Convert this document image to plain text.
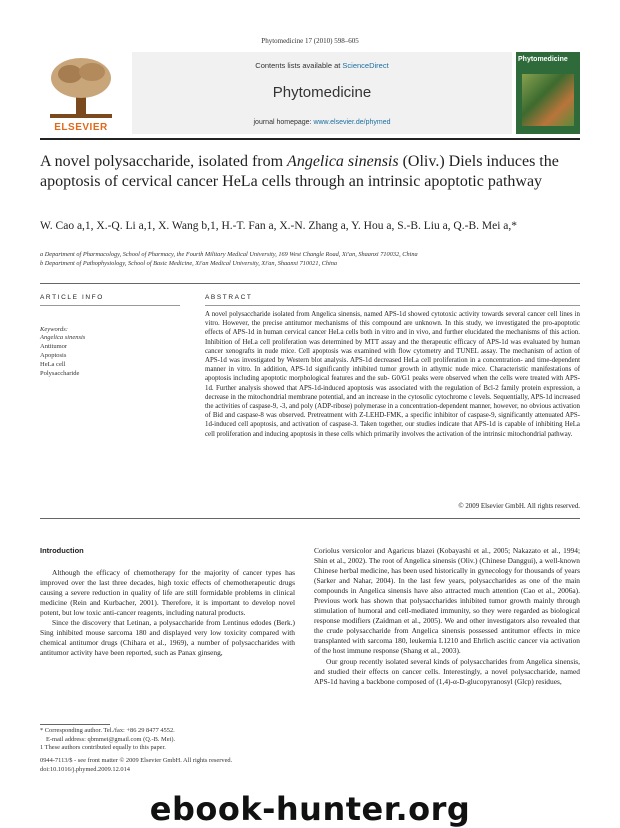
Phytomedicine 17 (2010) 598–605
ELSEVIER
Contents lists available at ScienceDirect
Phytomedicine
journal homepage: www.elsevier.de/phymed
Phytomedicine
A novel polysaccharide, isolated from Angelica sinensis (Oliv.) Diels induces the apoptosis of cervical cancer HeLa cells through an intrinsic apoptotic pathway
W. Cao a,1, X.-Q. Li a,1, X. Wang b,1, H.-T. Fan a, X.-N. Zhang a, Y. Hou a, S.-B. Liu a, Q.-B. Mei a,*
a Department of Pharmacology, School of Pharmacy, the Fourth Military Medical University, 169 West Changle Road, Xi'an, Shaanxi 710032, China
b Department of Pathophysiology, School of Basic Medicine, Xi'an Medical University, Xi'an, Shaanxi 710021, China
ARTICLE INFO
Keywords:
Angelica sinensis
Antitumor
Apoptosis
HeLa cell
Polysaccharide
ABSTRACT
A novel polysaccharide isolated from Angelica sinensis, named APS-1d showed cytotoxic activity towards several cancer cell lines in vitro. However, the precise antitumor mechanisms of this compound are unknown. In this study, we investigated the pro-apoptotic effects of APS-1d in human cervical cancer HeLa cells both in vitro and in vivo, and further elucidated the mechanisms of this action. Inhibition of HeLa cell proliferation was determined by MTT assay and the therapeutic efficacy of APS-1d was evaluated by human cancer xenografts in nude mice. Cell apoptosis was examined with flow cytometry and TUNEL assay. The mechanism of action of APS-1d was investigated by Western blot analysis. APS-1d decreased HeLa cell proliferation in a concentration- and time-dependent manner in vitro. In addition, APS-1d significantly inhibited tumor growth in athymic nude mice. Characteristic manifestations of apoptosis including apoptotic morphological features and the sub- G0/G1 peaks were observed when the cells were treated with APS-1d. Further analysis showed that APS-1d-induced apoptosis was associated with the regulation of Bcl-2 family protein expression, a decrease in the mitochondrial membrane potential, and an increase in the cytosolic cytochrome c levels. Sequentially, APS-1d increased the activities of caspase-9, -3, and poly (ADP-ribose) polymerase in a concentration-dependent manner, however, no obvious activation of Bid and caspase-8 was observed. Pretreatment with Z-LEHD-FMK, a specific inhibitor of caspase-9, significantly attenuated APS-1d-induced cell apoptosis, and activation of caspase-3. Taken together, our studies indicate that APS-1d is capable of inhibiting HeLa cell proliferation and inducing apoptosis in these cells which primarily involves the activation of the intrinsic mitochondrial pathway.
© 2009 Elsevier GmbH. All rights reserved.
Introduction

Although the efficacy of chemotherapy for the majority of cancer types has improved over the last three decades, high toxic effects of chemotherapeutic drugs causing a severe reduction in quality of life are still formidable problems in clinical medicine (Rein and Kurbacher, 2001). Therefore, it is important to develop novel potent, but low toxic anti-cancer reagents, including natural products.

Since the discovery that Letinan, a polysaccharide from Lentinus edodes (Berk.) Sing inhibited mouse sarcoma 180 and displayed very low toxicity compared with chemical antitumor drugs (Chihara et al., 1969), a number of polysaccharides with antitumor activity have been reported, such as Panax ginseng,

Coriolus versicolor and Agaricus blazei (Kobayashi et al., 2005; Nakazato et al., 1994; Shin et al., 2002). The root of Angelica sinensis (Oliv.) (Chinese Danggui), a well-known Chinese herbal medicine, has been used historically in gynecology for thousands of years (Sarker and Nahar, 2004). In the last few years, polysaccharides as one of the main compounds in Angelica sinensis have also attracted much attention (Cao et al., 2006a). Previous work has shown that polysaccharides inhibited tumor growth mainly through stimulation of humoral and cell-mediated immunity, so they were regarded as biological response modifiers (Zaidman et al., 2005). We and other investigators also revealed that the crude polysaccharide from Angelica sinensis possessed antitumor effects in mice transplanted with sarcoma 180, leukemia L1210 and Ehrlich ascitic cancer via activation of the host immune response (Shang et al., 2003).

Our group recently isolated several kinds of polysaccharides from Angelica sinensis, and studied their effects on cancer cells. Interestingly, a novel polysaccharide, named APS-1d having a backbone composed of (1,4)-α-D-glucopyranosyl (Glcp) residues,

* Corresponding author. Tel./fax: +86 29 8477 4552.
E-mail address: qbmmei@gmail.com (Q.-B. Mei).
1 These authors contributed equally to this paper.
0944-7113/$ - see front matter © 2009 Elsevier GmbH. All rights reserved.
doi:10.1016/j.phymed.2009.12.014
ebook-hunter.org
